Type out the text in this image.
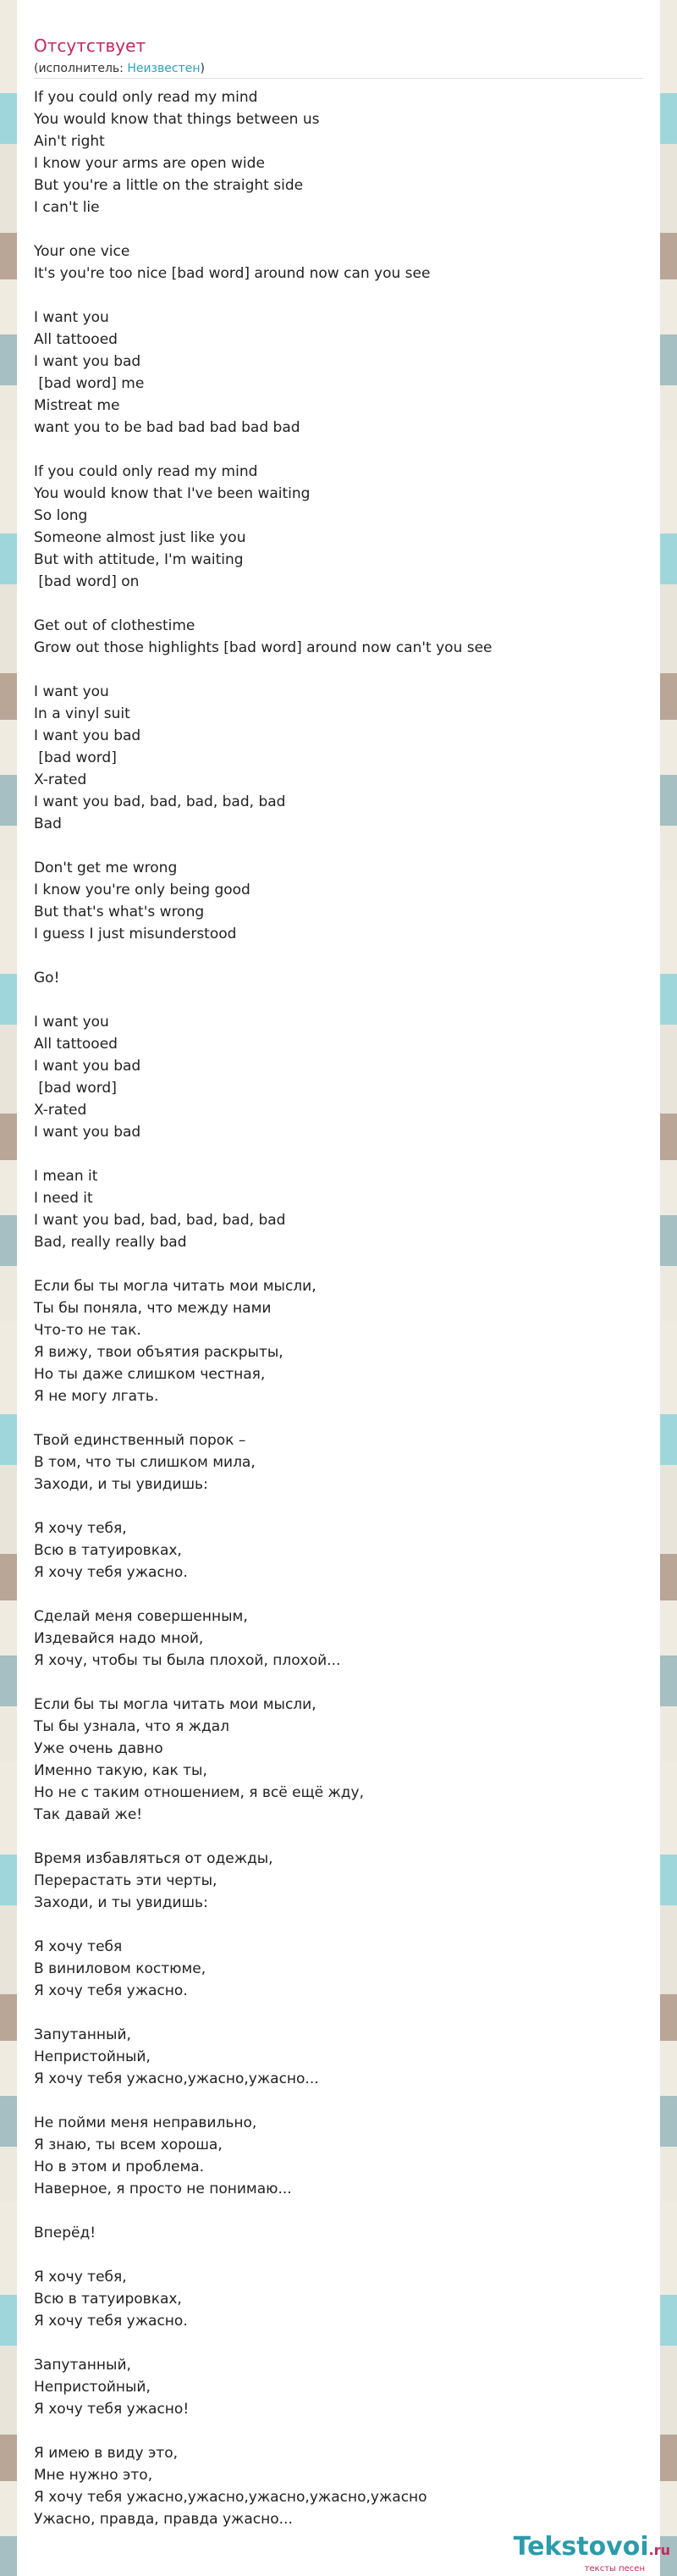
Отсутствует
(исполнитель: Неизвестен)
If you could only read my mind
You would know that things between us
Ain't right
I know your arms are open wide
But you're a little on the straight side
I can't lie
Your one vice
It's you're too nice [bad word] around now can you see
I want you
All tattooed
I want you bad
[bad word] me
Mistreat me
want you to be bad bad bad bad bad
If you could only read my mind
You would know that I've been waiting
So long
Someone almost just like you
But with attitude, I'm waiting
[bad word] on
Get out of clothestime
Grow out those highlights [bad word] around now can't you see
I want you
In a vinyl suit
I want you bad
[bad word]
X-rated
I want you bad, bad, bad, bad, bad
Bad
Don't get me wrong
I know you're only being good
But that's what's wrong
I guess I just misunderstood
Go!
I want you
All tattooed
I want you bad
[bad word]
X-rated
I want you bad
I mean it
I need it
I want you bad, bad, bad, bad, bad
Bad, really really bad
Если бы ты могла читать мои мысли,
Ты бы поняла, что между нами
Что-то не так.
Я вижу, твои объятия раскрыты,
Но ты даже слишком честная,
Я не могу лгать.
Твой единственный порок –
В том, что ты слишком мила,
Заходи, и ты увидишь:
Я хочу тебя,
Всю в татуировках,
Я хочу тебя ужасно.
Сделай меня совершенным,
Издевайся надо мной,
Я хочу, чтобы ты была плохой, плохой...
Если бы ты могла читать мои мысли,
Ты бы узнала, что я ждал
Уже очень давно
Именно такую, как ты,
Но не с таким отношением, я всё ещё жду,
Так давай же!
Время избавляться от одежды,
Перерастать эти черты,
Заходи, и ты увидишь:
Я хочу тебя
В виниловом костюме,
Я хочу тебя ужасно.
Запутанный,
Непристойный,
Я хочу тебя ужасно,ужасно,ужасно...
Не пойми меня неправильно,
Я знаю, ты всем хороша,
Но в этом и проблема.
Наверное, я просто не понимаю...
Вперёд!
Я хочу тебя,
Всю в татуировках,
Я хочу тебя ужасно.
Запутанный,
Непристойный,
Я хочу тебя ужасно!
Я имею в виду это,
Мне нужно это,
Я хочу тебя ужасно,ужасно,ужасно,ужасно,ужасно
Ужасно, правда, правда ужасно...
Tekstovoi.ru
тексты песен
